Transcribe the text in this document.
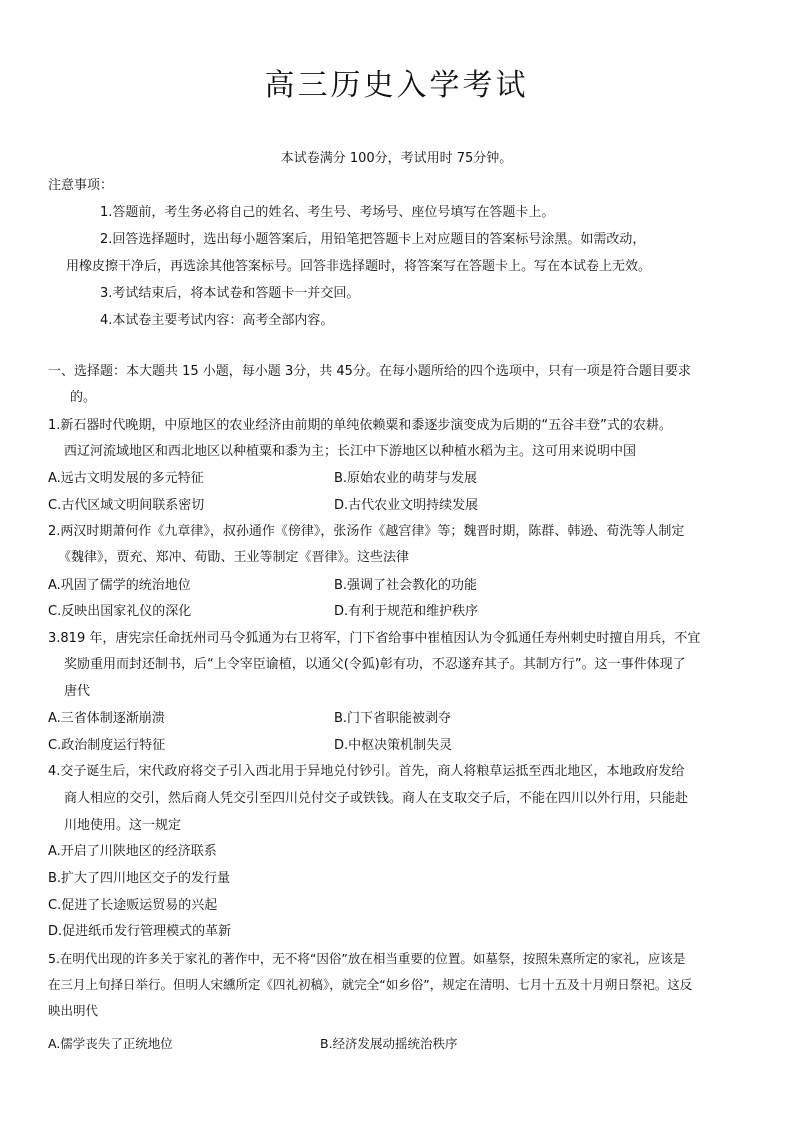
高三历史入学考试
本试卷满分 100分，考试用时 75分钟。
注意事项：
1.答题前，考生务必将自己的姓名、考生号、考场号、座位号填写在答题卡上。
2.回答选择题时，选出每小题答案后，用铅笔把答题卡上对应题目的答案标号涂黑。如需改动，
用橡皮擦干净后，再选涂其他答案标号。回答非选择题时，将答案写在答题卡上。写在本试卷上无效。
3.考试结束后，将本试卷和答题卡一并交回。
4.本试卷主要考试内容：高考全部内容。
一、选择题：本大题共 15 小题，每小题 3分，共 45分。在每小题所给的四个选项中，只有一项是符合题目要求
的。
1.新石器时代晚期，中原地区的农业经济由前期的单纯依赖粟和黍逐步演变成为后期的“五谷丰登”式的农耕。
西辽河流域地区和西北地区以种植粟和黍为主；长江中下游地区以种植水稻为主。这可用来说明中国
A.远古文明发展的多元特征	B.原始农业的萌芽与发展
C.古代区域文明间联系密切	D.古代农业文明持续发展
2.两汉时期萧何作《九章律》，叔孙通作《傍律》，张汤作《越宫律》等；魏晋时期，陈群、韩逊、荀洗等人制定
《魏律》，贾充、郑冲、荀勖、王业等制定《晋律》。这些法律
A.巩固了儒学的统治地位	B.强调了社会教化的功能
C.反映出国家礼仪的深化	D.有利于规范和维护秩序
3.819 年，唐宪宗任命抚州司马令狐通为右卫将军，门下省给事中崔植因认为令狐通任寿州刺史时擅自用兵，不宜
奖励重用而封还制书，后“上令宰臣谕植，以通父(令狐)彰有功，不忍遂弃其子。其制方行”。这一事件体现了
唐代
A.三省体制逐渐崩溃	B.门下省职能被剥夺
C.政治制度运行特征	D.中枢决策机制失灵
4.交子诞生后，宋代政府将交子引入西北用于异地兑付钞引。首先，商人将粮草运抵至西北地区，本地政府发给
商人相应的交引，然后商人凭交引至四川兑付交子或铁钱。商人在支取交子后，不能在四川以外行用，只能赴
川地使用。这一规定
A.开启了川陕地区的经济联系
B.扩大了四川地区交子的发行量
C.促进了长途贩运贸易的兴起
D.促进纸币发行管理模式的革新
5.在明代出现的许多关于家礼的著作中，无不将“因俗”放在相当重要的位置。如墓祭，按照朱熹所定的家礼，应该是
在三月上旬择日举行。但明人宋纁所定《四礼初稿》，就完全“如乡俗”，规定在清明、七月十五及十月朔日祭祀。这反
映出明代
A.儒学丧失了正统地位	B.经济发展动摇统治秩序
